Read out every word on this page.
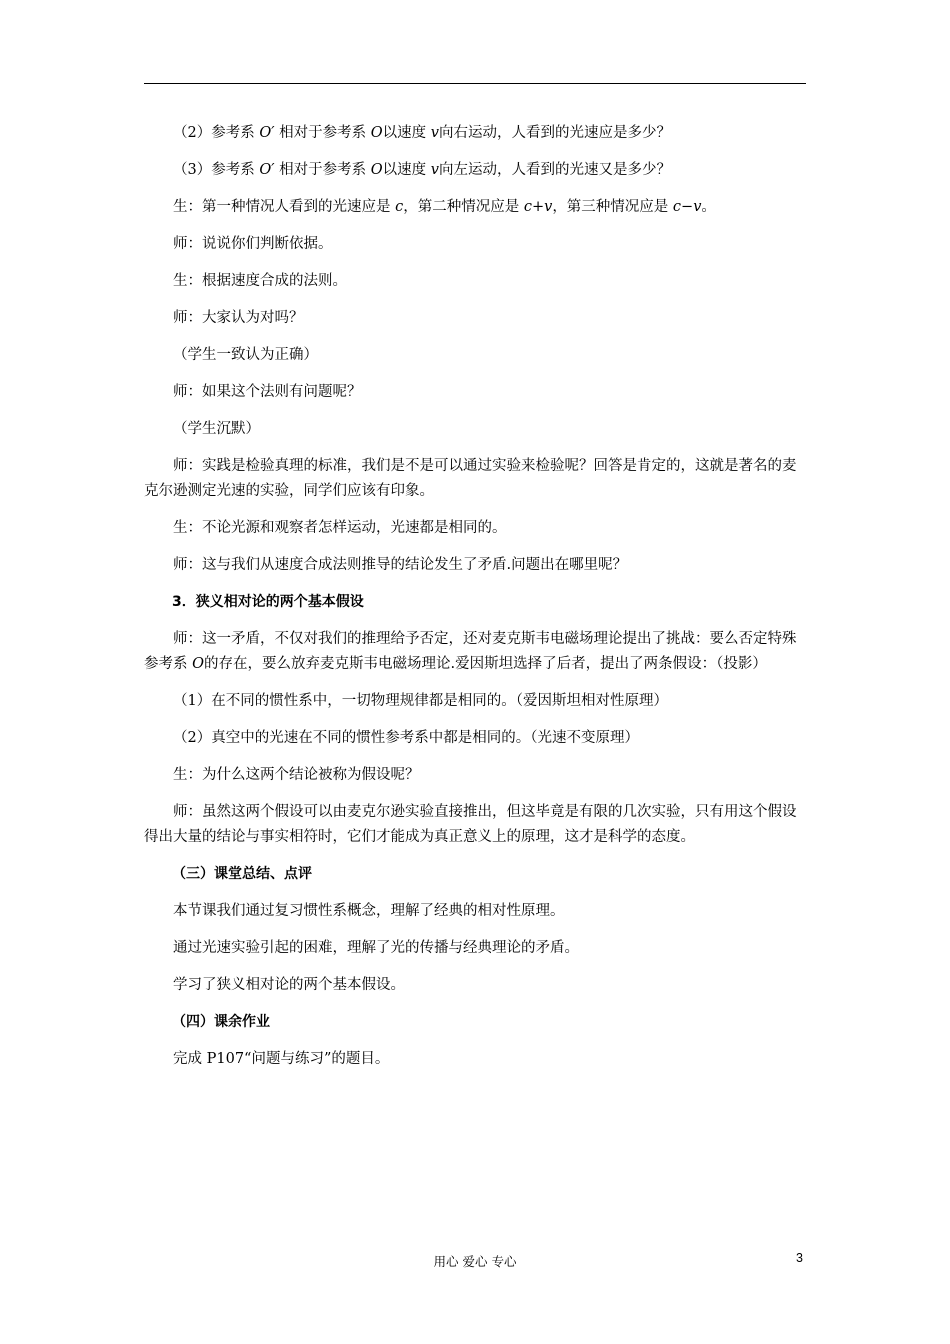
（2）参考系 O′ 相对于参考系 O以速度 v向右运动，人看到的光速应是多少？

（3）参考系 O′ 相对于参考系 O以速度 v向左运动，人看到的光速又是多少？

生：第一种情况人看到的光速应是 c，第二种情况应是 c+v，第三种情况应是 c−v。

师：说说你们判断依据。

生：根据速度合成的法则。

师：大家认为对吗？

（学生一致认为正确）

师：如果这个法则有问题呢？

（学生沉默）

师：实践是检验真理的标准，我们是不是可以通过实验来检验呢？回答是肯定的，这就是著名的麦克尔逊测定光速的实验，同学们应该有印象。

生：不论光源和观察者怎样运动，光速都是相同的。

师：这与我们从速度合成法则推导的结论发生了矛盾.问题出在哪里呢？

3．狭义相对论的两个基本假设

师：这一矛盾，不仅对我们的推理给予否定，还对麦克斯韦电磁场理论提出了挑战：要么否定特殊参考系 O的存在，要么放弃麦克斯韦电磁场理论.爱因斯坦选择了后者，提出了两条假设：（投影）

（1）在不同的惯性系中，一切物理规律都是相同的。（爱因斯坦相对性原理）

（2）真空中的光速在不同的惯性参考系中都是相同的。（光速不变原理）

生：为什么这两个结论被称为假设呢？

师：虽然这两个假设可以由麦克尔逊实验直接推出，但这毕竟是有限的几次实验，只有用这个假设得出大量的结论与事实相符时，它们才能成为真正意义上的原理，这才是科学的态度。

（三）课堂总结、点评

本节课我们通过复习惯性系概念，理解了经典的相对性原理。

通过光速实验引起的困难，理解了光的传播与经典理论的矛盾。

学习了狭义相对论的两个基本假设。

（四）课余作业

完成 P107“问题与练习”的题目。

用心 爱心 专心	3
